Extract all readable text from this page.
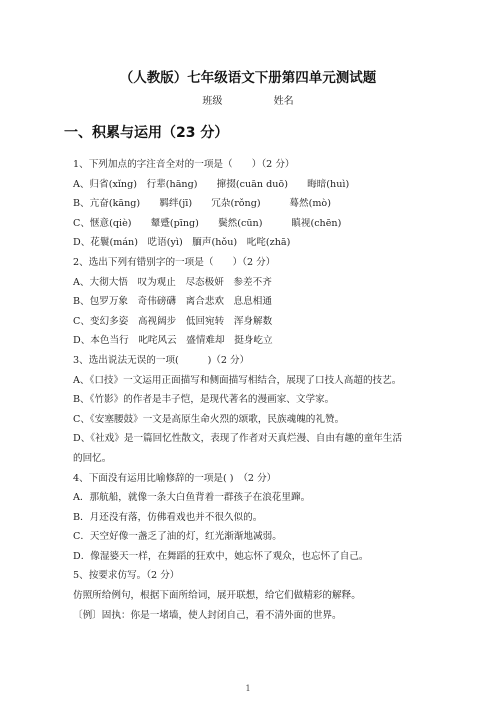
（人教版）七年级语文下册第四单元测试题
班级	姓名
一、积累与运用（23 分）
1、下列加点的字注音全对的一项是（　　）（2 分）
A、归省(xǐng)　行辈(hāng)　　撺掇(cuān duō)　　晦暗(huì)
B、亢奋(kāng)　　羁绊(jī)　　冗杂(rǒng)　　　蓦然(mò)
C、惬意(qiè)　　颦蹙(pīng)　　鬓然(cūn)　　　瞋视(chēn)
D、花鬟(mán)　呓语(yì)　腼声(hǒu)　叱咤(zhā)
2、选出下列有错别字的一项是（　　）（2 分）
A、大彻大悟　叹为观止　尽态极妍　参差不齐
B、包罗万象　奇伟磅礴　离合悲欢　息息相通
C、变幻多姿　高视阔步　低回宛转　浑身解数
D、本色当行　叱咤风云　盛情难却　挺身屹立
3、选出说法无误的一项(　　　)（2 分）
A、《口技》一文运用正面描写和侧面描写相结合，展现了口技人高超的技艺。
B、《竹影》的作者是丰子恺，是现代著名的漫画家、文学家。
C、《安塞腰鼓》一文是高原生命火烈的颂歌，民族魂魄的礼赞。
D、《社戏》是一篇回忆性散文，表现了作者对天真烂漫、自由有趣的童年生活
的回忆。
4、下面没有运用比喻修辞的一项是( )　（2 分）
A．那航船，就像一条大白鱼背着一群孩子在浪花里蹿。
B．月还没有落，仿佛看戏也并不很久似的。
C．天空好像一盏乏了油的灯，红光渐渐地减弱。
D．像湿婆天一样，在舞蹈的狂欢中，她忘怀了观众，也忘怀了自己。
5、按要求仿写。（2 分）
仿照所给例句，根据下面所给词，展开联想，给它们做精彩的解释。
〔例〕固执：你是一堵墙，使人封闭自己，看不清外面的世界。
1
